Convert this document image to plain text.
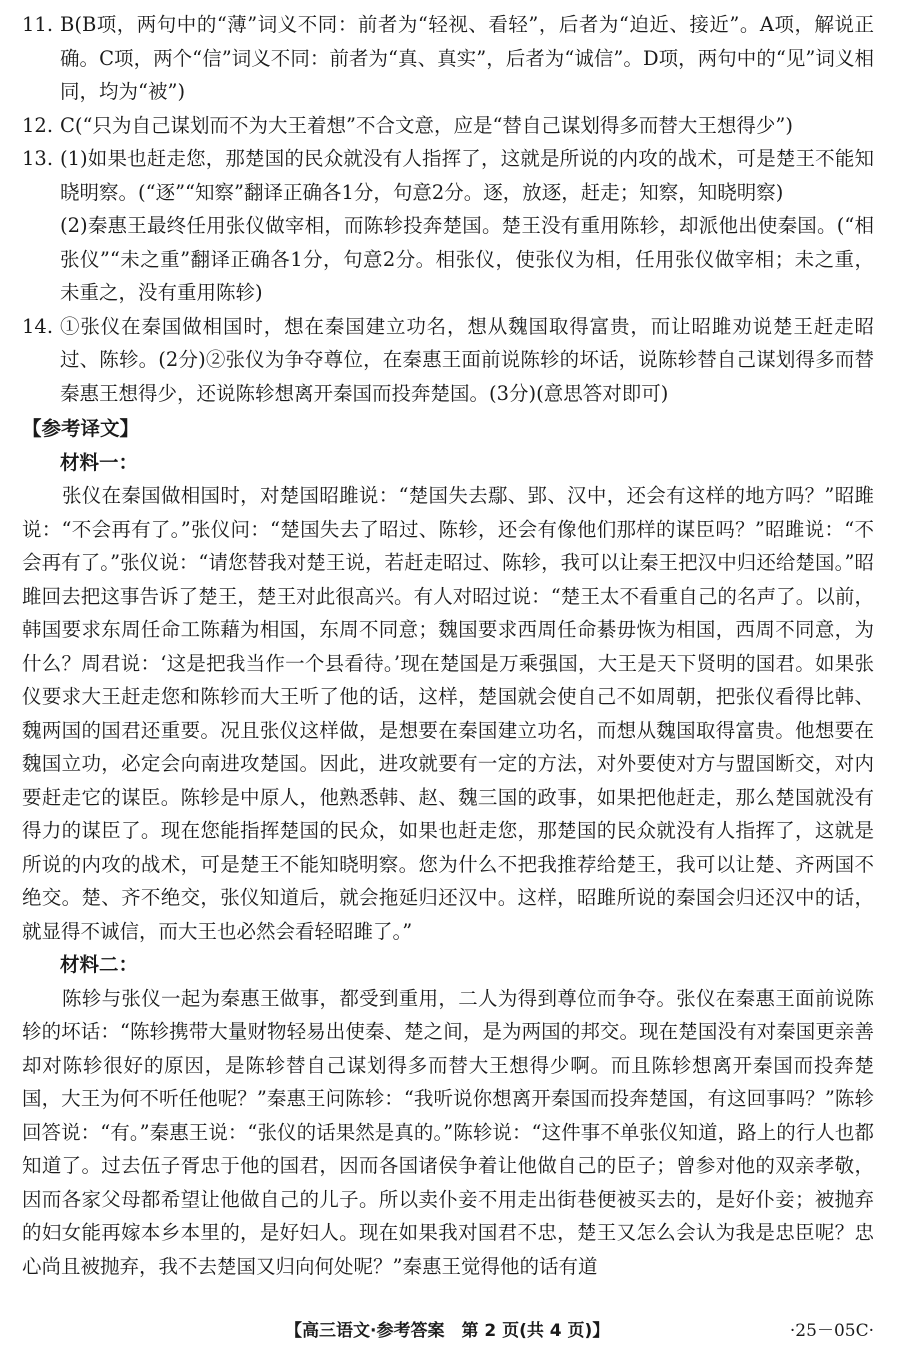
11. B(B项，两句中的“薄”词义不同：前者为“轻视、看轻”，后者为“迫近、接近”。A项，解说正确。C项，两个“信”词义不同：前者为“真、真实”，后者为“诚信”。D项，两句中的“见”词义相同，均为“被”)
12. C(“只为自己谋划而不为大王着想”不合文意，应是“替自己谋划得多而替大王想得少”)
13. (1)如果也赶走您，那楚国的民众就没有人指挥了，这就是所说的内攻的战术，可是楚王不能知晓明察。(“逐”“知察”翻译正确各1分，句意2分。逐，放逐，赶走；知察，知晓明察)
(2)秦惠王最终任用张仪做宰相，而陈轸投奔楚国。楚王没有重用陈轸，却派他出使秦国。(“相张仪”“未之重”翻译正确各1分，句意2分。相张仪，使张仪为相，任用张仪做宰相；未之重，未重之，没有重用陈轸)
14. ①张仪在秦国做相国时，想在秦国建立功名，想从魏国取得富贵，而让昭雎劝说楚王赶走昭过、陈轸。(2分)②张仪为争夺尊位，在秦惠王面前说陈轸的坏话，说陈轸替自己谋划得多而替秦惠王想得少，还说陈轸想离开秦国而投奔楚国。(3分)(意思答对即可)
【参考译文】
材料一：

张仪在秦国做相国时，对楚国昭雎说：“楚国失去鄢、郢、汉中，还会有这样的地方吗？”昭雎说：“不会再有了。”张仪问：“楚国失去了昭过、陈轸，还会有像他们那样的谋臣吗？”昭雎说：“不会再有了。”张仪说：“请您替我对楚王说，若赶走昭过、陈轸，我可以让秦王把汉中归还给楚国。”昭雎回去把这事告诉了楚王，楚王对此很高兴。有人对昭过说：“楚王太不看重自己的名声了。以前，韩国要求东周任命工陈藉为相国，东周不同意；魏国要求西周任命綦毋恢为相国，西周不同意，为什么？周君说：‘这是把我当作一个县看待。’现在楚国是万乘强国，大王是天下贤明的国君。如果张仪要求大王赶走您和陈轸而大王听了他的话，这样，楚国就会使自己不如周朝，把张仪看得比韩、魏两国的国君还重要。况且张仪这样做，是想要在秦国建立功名，而想从魏国取得富贵。他想要在魏国立功，必定会向南进攻楚国。因此，进攻就要有一定的方法，对外要使对方与盟国断交，对内要赶走它的谋臣。陈轸是中原人，他熟悉韩、赵、魏三国的政事，如果把他赶走，那么楚国就没有得力的谋臣了。现在您能指挥楚国的民众，如果也赶走您，那楚国的民众就没有人指挥了，这就是所说的内攻的战术，可是楚王不能知晓明察。您为什么不把我推荐给楚王，我可以让楚、齐两国不绝交。楚、齐不绝交，张仪知道后，就会拖延归还汉中。这样，昭雎所说的秦国会归还汉中的话，就显得不诚信，而大王也必然会看轻昭雎了。”

材料二：

陈轸与张仪一起为秦惠王做事，都受到重用，二人为得到尊位而争夺。张仪在秦惠王面前说陈轸的坏话：“陈轸携带大量财物轻易出使秦、楚之间，是为两国的邦交。现在楚国没有对秦国更亲善却对陈轸很好的原因，是陈轸替自己谋划得多而替大王想得少啊。而且陈轸想离开秦国而投奔楚国，大王为何不听任他呢？”秦惠王问陈轸：“我听说你想离开秦国而投奔楚国，有这回事吗？”陈轸回答说：“有。”秦惠王说：“张仪的话果然是真的。”陈轸说：“这件事不单张仪知道，路上的行人也都知道了。过去伍子胥忠于他的国君，因而各国诸侯争着让他做自己的臣子；曾参对他的双亲孝敬，因而各家父母都希望让他做自己的儿子。所以卖仆妾不用走出街巷便被买去的，是好仆妾；被抛弃的妇女能再嫁本乡本里的，是好妇人。现在如果我对国君不忠，楚王又怎么会认为我是忠臣呢？忠心尚且被抛弃，我不去楚国又归向何处呢？”秦惠王觉得他的话有道

【高三语文·参考答案　第 2 页(共 4 页)】	·25－05C·
